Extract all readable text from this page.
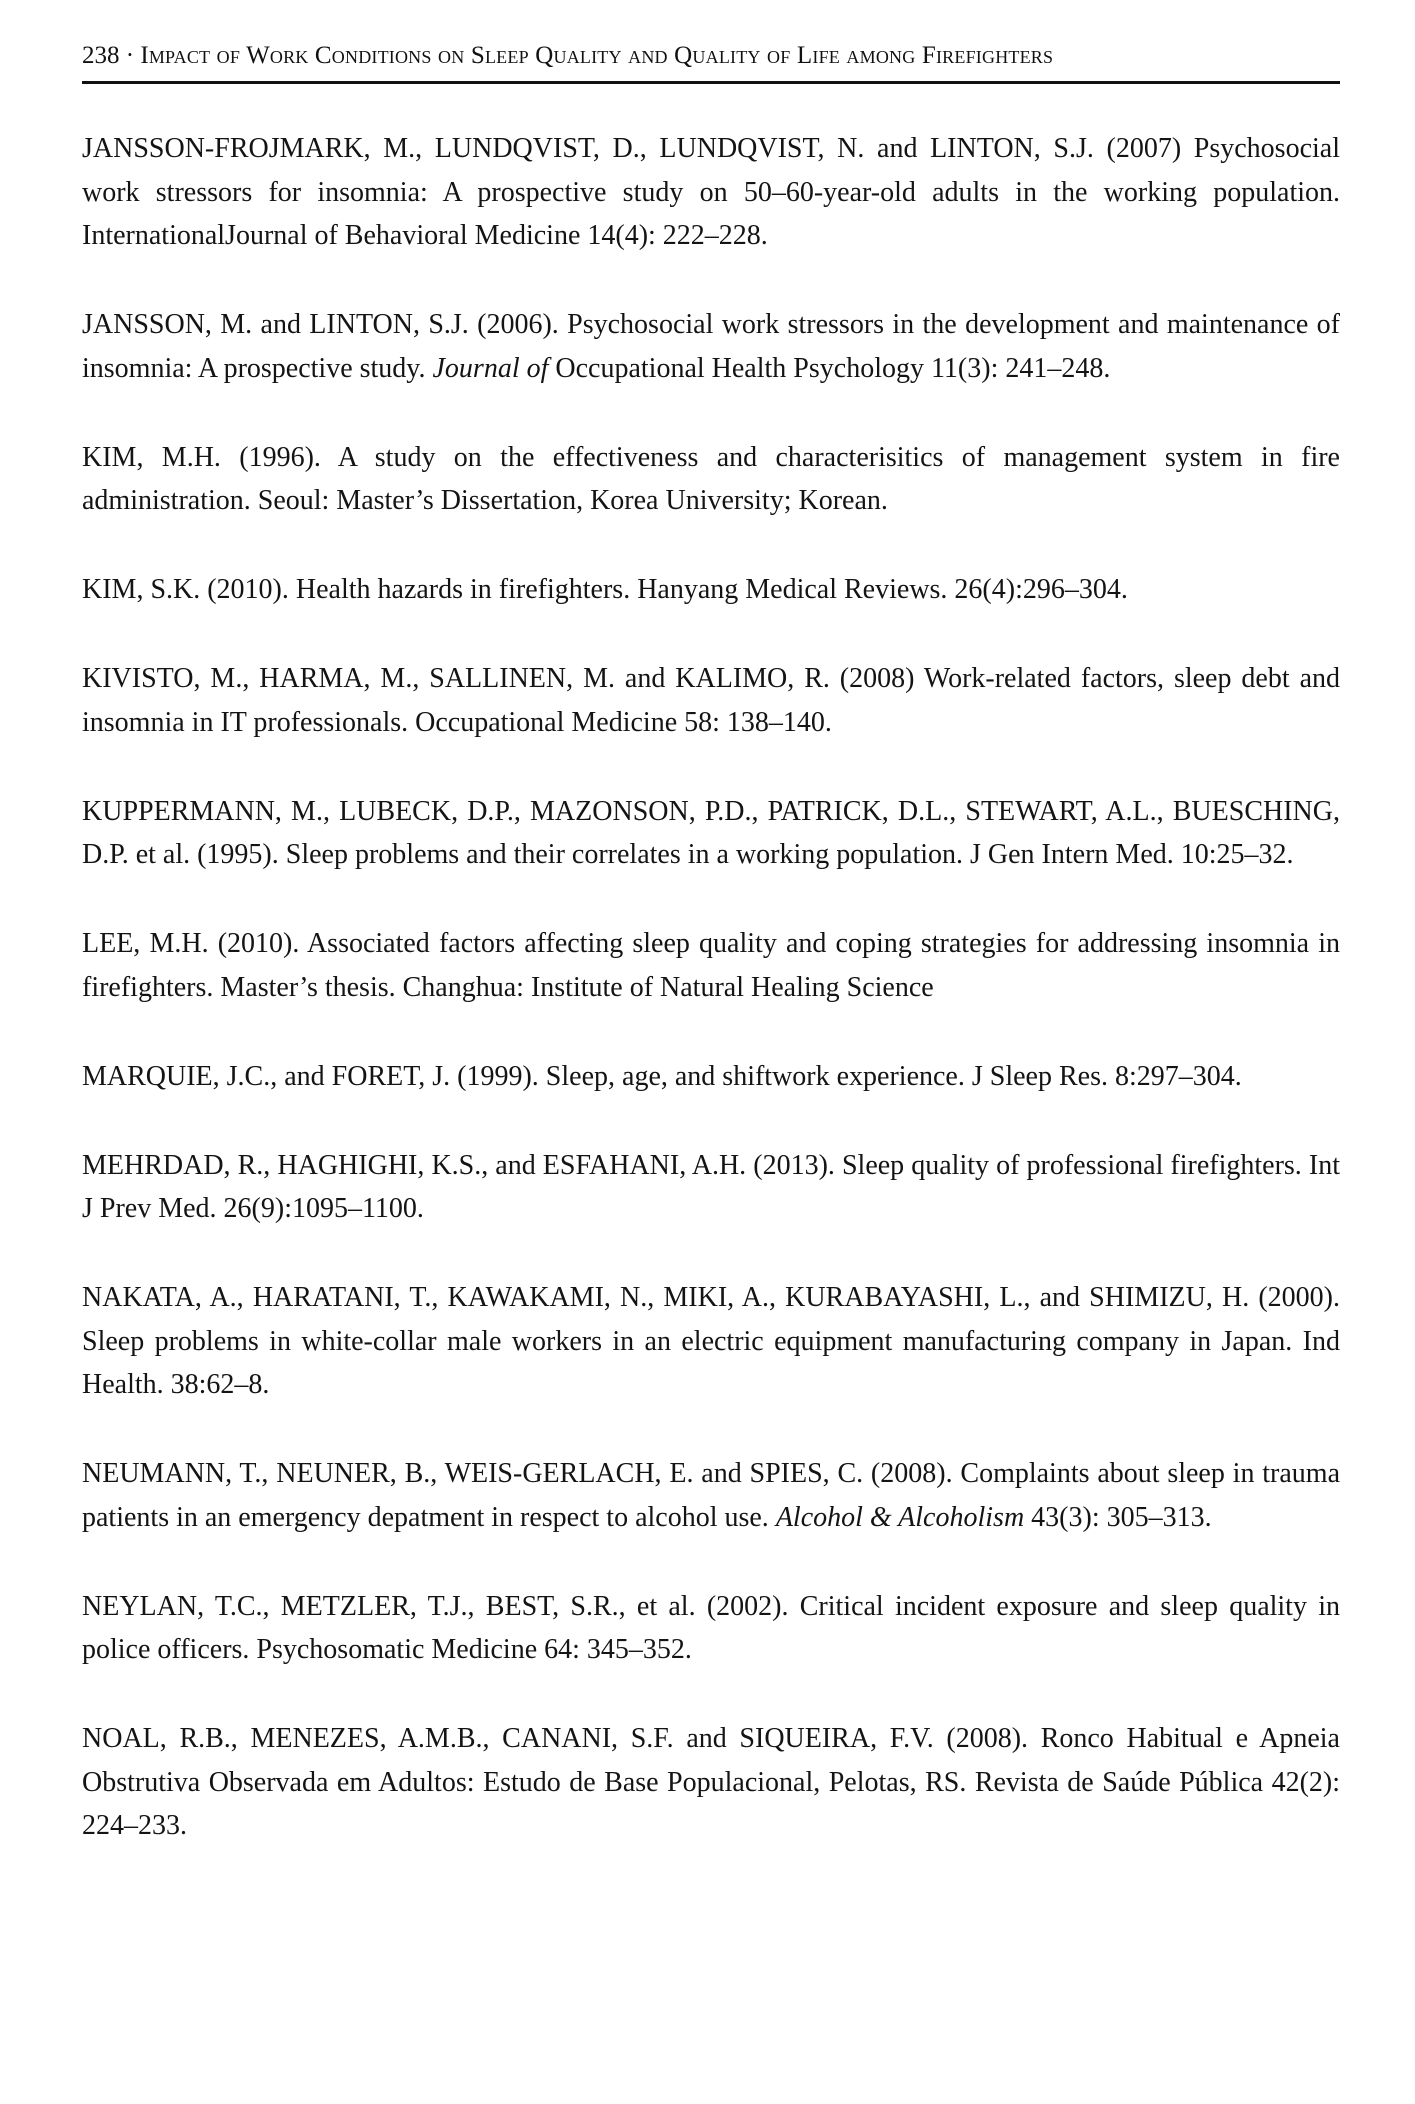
238 · Impact of Work Conditions on Sleep Quality and Quality of Life among Firefighters

JANSSON-FROJMARK, M., LUNDQVIST, D., LUNDQVIST, N. and LINTON, S.J. (2007) Psychosocial work stressors for insomnia: A prospective study on 50–60-year-old adults in the working population. InternationalJournal of Behavioral Medicine 14(4): 222–228.

JANSSON, M. and LINTON, S.J. (2006). Psychosocial work stressors in the development and maintenance of insomnia: A prospective study. Journal of Occupational Health Psychology 11(3): 241–248.

KIM, M.H. (1996). A study on the effectiveness and characterisitics of management system in fire administration. Seoul: Master’s Dissertation, Korea University; Korean.

KIM, S.K. (2010). Health hazards in firefighters. Hanyang Medical Reviews. 26(4):296–304.

KIVISTO, M., HARMA, M., SALLINEN, M. and KALIMO, R. (2008) Work-related factors, sleep debt and insomnia in IT professionals. Occupational Medicine 58: 138–140.

KUPPERMANN, M., LUBECK, D.P., MAZONSON, P.D., PATRICK, D.L., STEWART, A.L., BUESCHING, D.P. et al. (1995). Sleep problems and their correlates in a working population. J Gen Intern Med. 10:25–32.

LEE, M.H. (2010). Associated factors affecting sleep quality and coping strategies for addressing insomnia in firefighters. Master’s thesis. Changhua: Institute of Natural Healing Science

MARQUIE, J.C., and FORET, J. (1999). Sleep, age, and shiftwork experience. J Sleep Res. 8:297–304.

MEHRDAD, R., HAGHIGHI, K.S., and ESFAHANI, A.H. (2013). Sleep quality of professional firefighters. Int J Prev Med. 26(9):1095–1100.

NAKATA, A., HARATANI, T., KAWAKAMI, N., MIKI, A., KURABAYASHI, L., and SHIMIZU, H. (2000). Sleep problems in white-collar male workers in an electric equipment manufacturing company in Japan. Ind Health. 38:62–8.

NEUMANN, T., NEUNER, B., WEIS-GERLACH, E. and SPIES, C. (2008). Complaints about sleep in trauma patients in an emergency depatment in respect to alcohol use. Alcohol & Alcoholism 43(3): 305–313.

NEYLAN, T.C., METZLER, T.J., BEST, S.R., et al. (2002). Critical incident exposure and sleep quality in police officers. Psychosomatic Medicine 64: 345–352.

NOAL, R.B., MENEZES, A.M.B., CANANI, S.F. and SIQUEIRA, F.V. (2008). Ronco Habitual e Apneia Obstrutiva Observada em Adultos: Estudo de Base Populacional, Pelotas, RS. Revista de Saúde Pública 42(2): 224–233.
